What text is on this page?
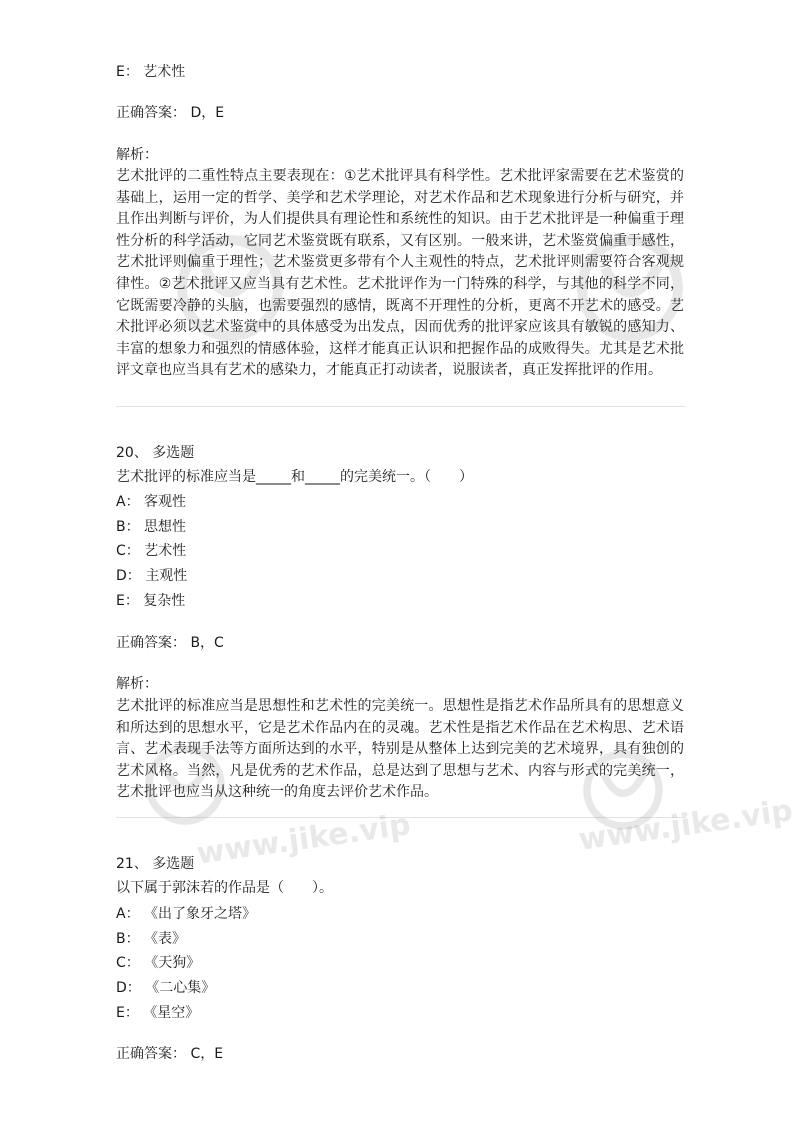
E： 艺术性
正确答案： D，E
解析：
艺术批评的二重性特点主要表现在：①艺术批评具有科学性。艺术批评家需要在艺术鉴赏的基础上，运用一定的哲学、美学和艺术学理论，对艺术作品和艺术现象进行分析与研究，并且作出判断与评价，为人们提供具有理论性和系统性的知识。由于艺术批评是一种偏重于理性分析的科学活动，它同艺术鉴赏既有联系，又有区别。一般来讲，艺术鉴赏偏重于感性，艺术批评则偏重于理性；艺术鉴赏更多带有个人主观性的特点，艺术批评则需要符合客观规律性。②艺术批评又应当具有艺术性。艺术批评作为一门特殊的科学，与其他的科学不同，它既需要冷静的头脑，也需要强烈的感情，既离不开理性的分析，更离不开艺术的感受。艺术批评必须以艺术鉴赏中的具体感受为出发点，因而优秀的批评家应该具有敏锐的感知力、丰富的想象力和强烈的情感体验，这样才能真正认识和把握作品的成败得失。尤其是艺术批评文章也应当具有艺术的感染力，才能真正打动读者，说服读者，真正发挥批评的作用。
20、 多选题
艺术批评的标准应当是_____和_____的完美统一。（　　）
A： 客观性
B： 思想性
C： 艺术性
D： 主观性
E： 复杂性
正确答案： B，C
解析：
艺术批评的标准应当是思想性和艺术性的完美统一。思想性是指艺术作品所具有的思想意义和所达到的思想水平，它是艺术作品内在的灵魂。艺术性是指艺术作品在艺术构思、艺术语言、艺术表现手法等方面所达到的水平，特别是从整体上达到完美的艺术境界，具有独创的艺术风格。当然，凡是优秀的艺术作品，总是达到了思想与艺术、内容与形式的完美统一，艺术批评也应当从这种统一的角度去评价艺术作品。
21、 多选题
以下属于郭沫若的作品是（　　）。
A： 《出了象牙之塔》
B： 《表》
C： 《天狗》
D： 《二心集》
E： 《星空》
正确答案： C，E
www.jike.vip	www.jike.vip
